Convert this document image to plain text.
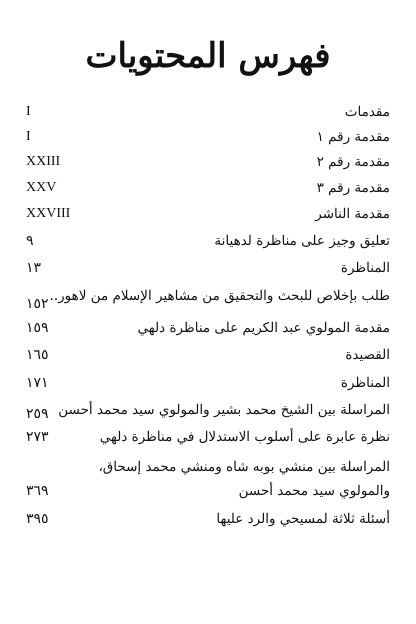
فهرس المحتويات
مقدمات
I
مقدمة رقم ١
I
مقدمة رقم ٢
XXIII
مقدمة رقم ٣
XXV
مقدمة الناشر
XXVIII
تعليق وجيز على مناظرة لدهيانة
٩
المناظرة
١٣
طلب بإخلاص للبحث والتحقيق من مشاهير الإسلام من لاهور..
١٥٢
مقدمة المولوي عبد الكريم على مناظرة دلهي
١٥٩
القصيدة
١٦٥
المناظرة
١٧١
المراسلة بين الشيخ محمد بشير والمولوي سيد محمد أحسن
٢٥٩
نظرة عابرة على أسلوب الاستدلال في مناظرة دلهي
٢٧٣
المراسلة بين منشي بوبه شاه ومنشي محمد إسحاق، والمولوي سيد محمد أحسن
٣٦٩
أسئلة ثلاثة لمسيحي والرد عليها
٣٩٥
